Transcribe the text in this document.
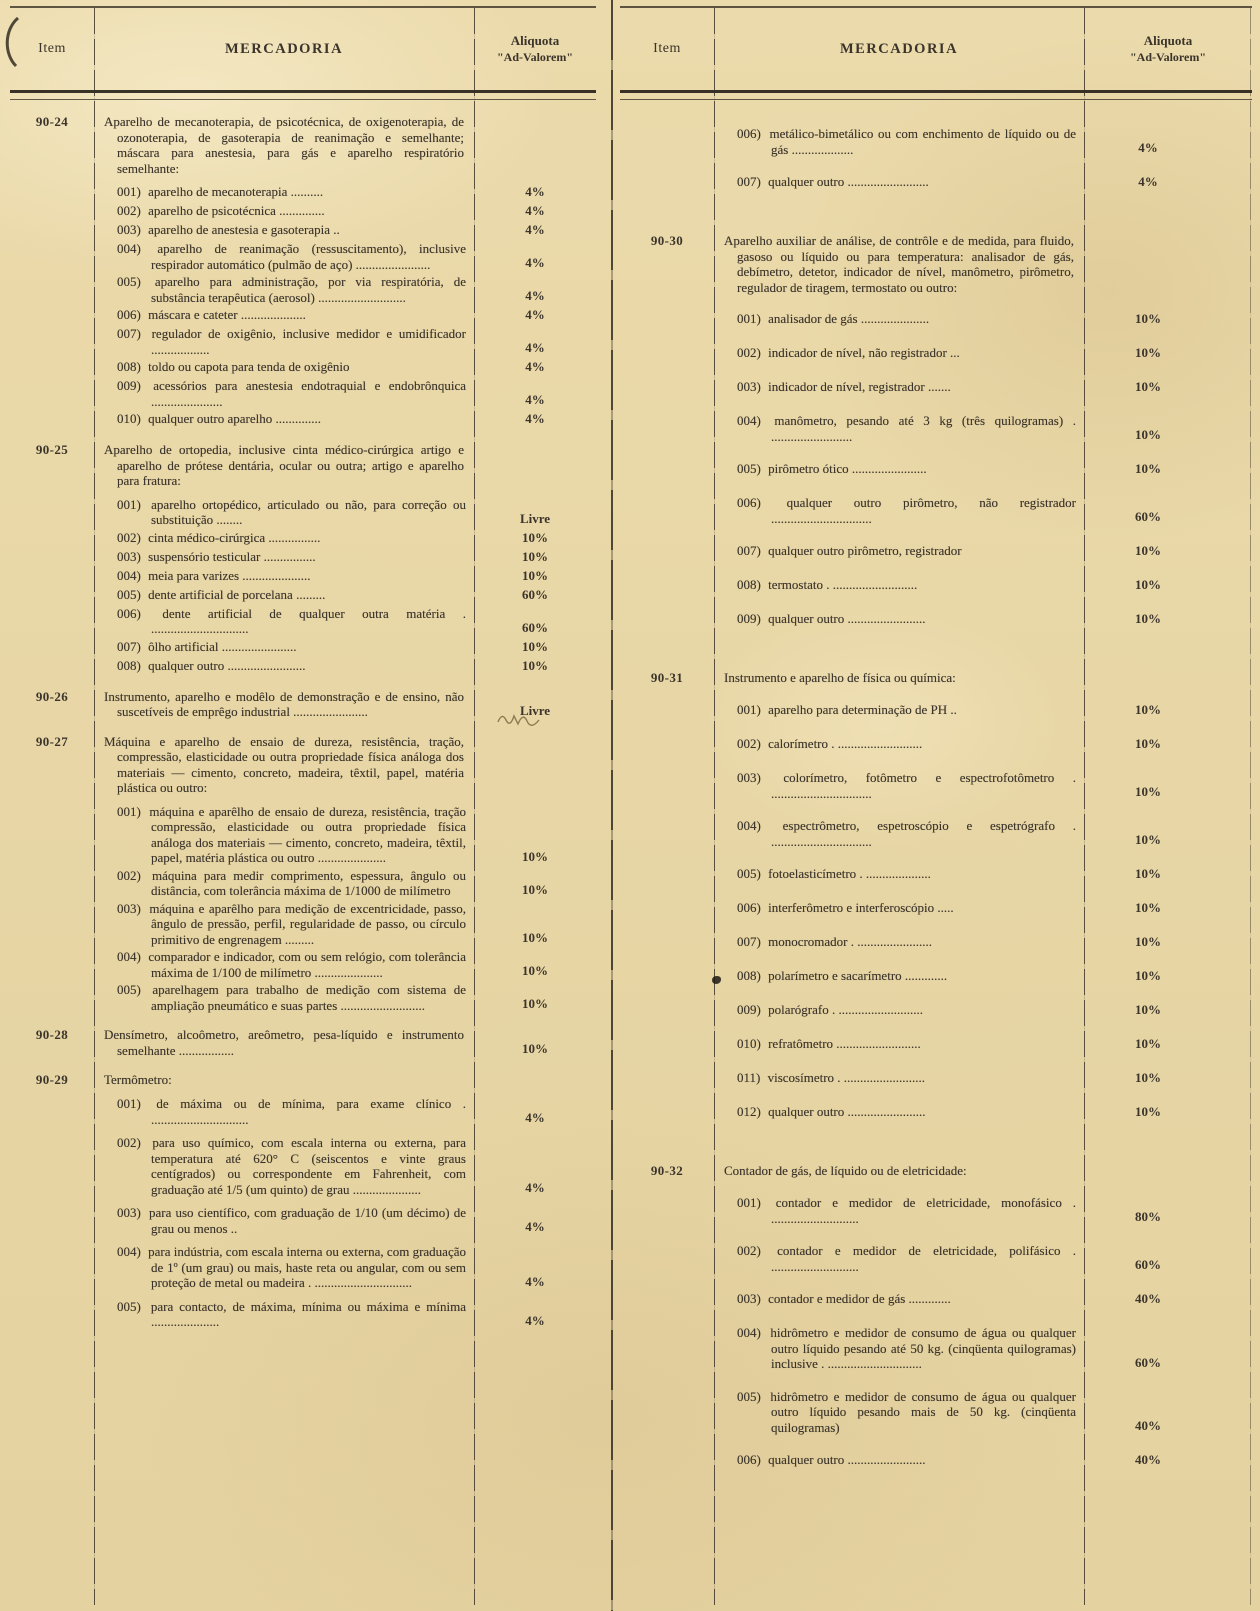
Item	MERCADORIA	Aliquota
"Ad-Valorem"
90-24	Aparelho de mecanoterapia, de psicotécnica, de oxigenoterapia, de ozonoterapia, de gasoterapia de reanimação e semelhante; máscara para anestesia, para gás e aparelho respiratório semelhante:
001) aparelho de mecanoterapia ..........	4%
002) aparelho de psicotécnica ..............	4%
003) aparelho de anestesia e gasoterapia ..	4%
004) aparelho de reanimação (ressuscitamento), inclusive respirador automático (pulmão de aço) .......................	4%
005) aparelho para administração, por via respiratória, de substância terapêutica (aerosol) ...........................	4%
006) máscara e cateter ....................	4%
007) regulador de oxigênio, inclusive medidor e umidificador ..................	4%
008) toldo ou capota para tenda de oxigênio	4%
009) acessórios para anestesia endotraquial e endobrônquica ......................	4%
010) qualquer outro aparelho ..............	4%
90-25	Aparelho de ortopedia, inclusive cinta médico-cirúrgica artigo e aparelho de prótese dentária, ocular ou outra; artigo e aparelho para fratura:
001) aparelho ortopédico, articulado ou não, para correção ou substituição ........	Livre
002) cinta médico-cirúrgica ................	10%
003) suspensório testicular ................	10%
004) meia para varizes .....................	10%
005) dente artificial de porcelana .........	60%
006) dente artificial de qualquer outra matéria . ..............................	60%
007) ôlho artificial .......................	10%
008) qualquer outro ........................	10%
90-26	Instrumento, aparelho e modêlo de demonstração e de ensino, não suscetíveis de emprêgo industrial .......................	Livre
90-27	Máquina e aparelho de ensaio de dureza, resistência, tração, compressão, elasticidade ou outra propriedade física análoga dos materiais — cimento, concreto, madeira, têxtil, papel, matéria plástica ou outro:
001) máquina e aparêlho de ensaio de dureza, resistência, tração compressão, elasticidade ou outra propriedade física análoga dos materiais — cimento, concreto, madeira, têxtil, papel, matéria plástica ou outro .....................	10%
002) máquina para medir comprimento, espessura, ângulo ou distância, com tolerância máxima de 1/1000 de milímetro	10%
003) máquina e aparêlho para medição de excentricidade, passo, ângulo de pressão, perfil, regularidade de passo, ou círculo primitivo de engrenagem .........	10%
004) comparador e indicador, com ou sem relógio, com tolerância máxima de 1/100 de milímetro .....................	10%
005) aparelhagem para trabalho de medição com sistema de ampliação pneumático e suas partes ..........................	10%
90-28	Densímetro, alcoômetro, areômetro, pesa-líquido e instrumento semelhante .................	10%
90-29	Termômetro:
001) de máxima ou de mínima, para exame clínico . ..............................	4%
002) para uso químico, com escala interna ou externa, para temperatura até 620° C (seiscentos e vinte graus centígrados) ou correspondente em Fahrenheit, com graduação até 1/5 (um quinto) de grau .....................	4%
003) para uso científico, com graduação de 1/10 (um décimo) de grau ou menos ..	4%
004) para indústria, com escala interna ou externa, com graduação de 1º (um grau) ou mais, haste reta ou angular, com ou sem proteção de metal ou madeira . ..............................	4%
005) para contacto, de máxima, mínima ou máxima e mínima .....................	4%
Item	MERCADORIA	Aliquota
"Ad-Valorem"
006) metálico-bimetálico ou com enchimento de líquido ou de gás ...................	4%
007) qualquer outro .........................	4%
90-30	Aparelho auxiliar de análise, de contrôle e de medida, para fluido, gasoso ou líquido ou para temperatura: analisador de gás, debímetro, detetor, indicador de nível, manômetro, pirômetro, regulador de tiragem, termostato ou outro:
001) analisador de gás .....................	10%
002) indicador de nível, não registrador ...	10%
003) indicador de nível, registrador .......	10%
004) manômetro, pesando até 3 kg (três quilogramas) . .........................	10%
005) pirômetro ótico .......................	10%
006) qualquer outro pirômetro, não registrador ...............................	60%
007) qualquer outro pirômetro, registrador	10%
008) termostato . ..........................	10%
009) qualquer outro ........................	10%
90-31	Instrumento e aparelho de física ou química:
001) aparelho para determinação de PH ..	10%
002) calorímetro . ..........................	10%
003) colorímetro, fotômetro e espectrofotômetro . ...............................	10%
004) espectrômetro, espetroscópio e espetrógrafo . ...............................	10%
005) fotoelasticímetro . ....................	10%
006) interferômetro e interferoscópio .....	10%
007) monocromador . .......................	10%
008) polarímetro e sacarímetro .............	10%
009) polarógrafo . ..........................	10%
010) refratômetro ..........................	10%
011) viscosímetro . .........................	10%
012) qualquer outro ........................	10%
90-32	Contador de gás, de líquido ou de eletricidade:
001) contador e medidor de eletricidade, monofásico . ...........................	80%
002) contador e medidor de eletricidade, polifásico . ...........................	60%
003) contador e medidor de gás .............	40%
004) hidrômetro e medidor de consumo de água ou qualquer outro líquido pesando até 50 kg. (cinqüenta quilogramas) inclusive . .............................	60%
005) hidrômetro e medidor de consumo de água ou qualquer outro líquido pesando mais de 50 kg. (cinqüenta quilogramas)	40%
006) qualquer outro ........................	40%
